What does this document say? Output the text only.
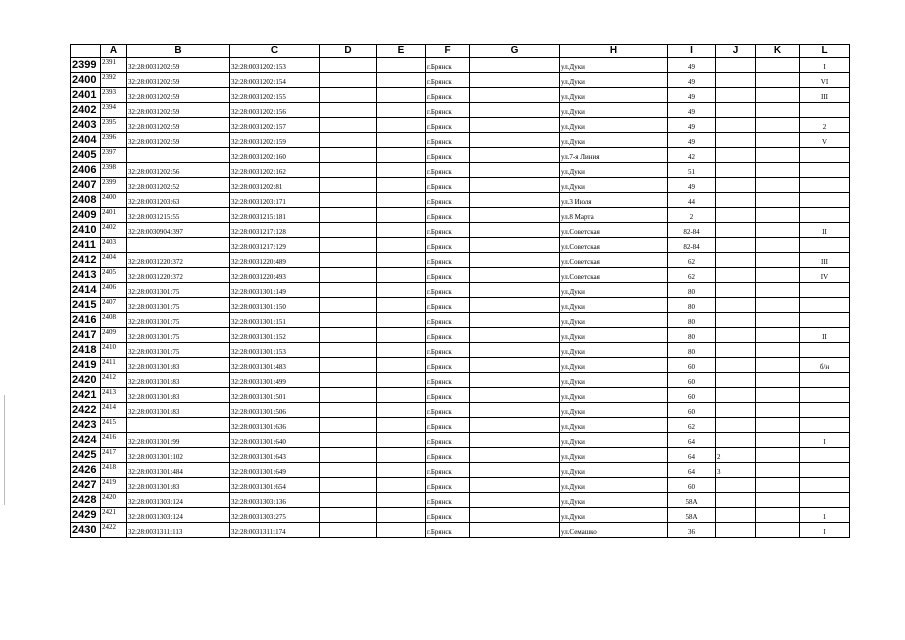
	A	B	C	D	E	F	G	H	I	J	K	L
2399	2391	32:28:0031202:59	32:28:0031202:153			г.Брянск		ул.Дуки	49			I
2400	2392	32:28:0031202:59	32:28:0031202:154			г.Брянск		ул.Дуки	49			VI
2401	2393	32:28:0031202:59	32:28:0031202:155			г.Брянск		ул.Дуки	49			III
2402	2394	32:28:0031202:59	32:28:0031202:156			г.Брянск		ул.Дуки	49			
2403	2395	32:28:0031202:59	32:28:0031202:157			г.Брянск		ул.Дуки	49			2
2404	2396	32:28:0031202:59	32:28:0031202:159			г.Брянск		ул.Дуки	49			V
2405	2397		32:28:0031202:160			г.Брянск		ул.7-я Линия	42			
2406	2398	32:28:0031202:56	32:28:0031202:162			г.Брянск		ул.Дуки	51			
2407	2399	32:28:0031202:52	32:28:0031202:81			г.Брянск		ул.Дуки	49			
2408	2400	32:28:0031203:63	32:28:0031203:171			г.Брянск		ул.3 Июля	44			
2409	2401	32:28:0031215:55	32:28:0031215:181			г.Брянск		ул.8 Марта	2			
2410	2402	32:28:0030904:397	32:28:0031217:128			г.Брянск		ул.Советская	82-84			II
2411	2403		32:28:0031217:129			г.Брянск		ул.Советская	82-84			
2412	2404	32:28:0031220:372	32:28:0031220:489			г.Брянск		ул.Советская	62			III
2413	2405	32:28:0031220:372	32:28:0031220:493			г.Брянск		ул.Советская	62			IV
2414	2406	32:28:0031301:75	32:28:0031301:149			г.Брянск		ул.Дуки	80			
2415	2407	32:28:0031301:75	32:28:0031301:150			г.Брянск		ул.Дуки	80			
2416	2408	32:28:0031301:75	32:28:0031301:151			г.Брянск		ул.Дуки	80			
2417	2409	32:28:0031301:75	32:28:0031301:152			г.Брянск		ул.Дуки	80			II
2418	2410	32:28:0031301:75	32:28:0031301:153			г.Брянск		ул.Дуки	80			
2419	2411	32:28:0031301:83	32:28:0031301:483			г.Брянск		ул.Дуки	60			б/н
2420	2412	32:28:0031301:83	32:28:0031301:499			г.Брянск		ул.Дуки	60			
2421	2413	32:28:0031301:83	32:28:0031301:501			г.Брянск		ул.Дуки	60			
2422	2414	32:28:0031301:83	32:28:0031301:506			г.Брянск		ул.Дуки	60			
2423	2415		32:28:0031301:636			г.Брянск		ул.Дуки	62			
2424	2416	32:28:0031301:99	32:28:0031301:640			г.Брянск		ул.Дуки	64			I
2425	2417	32:28:0031301:102	32:28:0031301:643			г.Брянск		ул.Дуки	64	2		
2426	2418	32:28:0031301:484	32:28:0031301:649			г.Брянск		ул.Дуки	64	3		
2427	2419	32:28:0031301:83	32:28:0031301:654			г.Брянск		ул.Дуки	60			
2428	2420	32:28:0031303:124	32:28:0031303:136			г.Брянск		ул.Дуки	58А			
2429	2421	32:28:0031303:124	32:28:0031303:275			г.Брянск		ул.Дуки	58А			1
2430	2422	32:28:0031311:113	32:28:0031311:174			г.Брянск		ул.Семашко	36			I
